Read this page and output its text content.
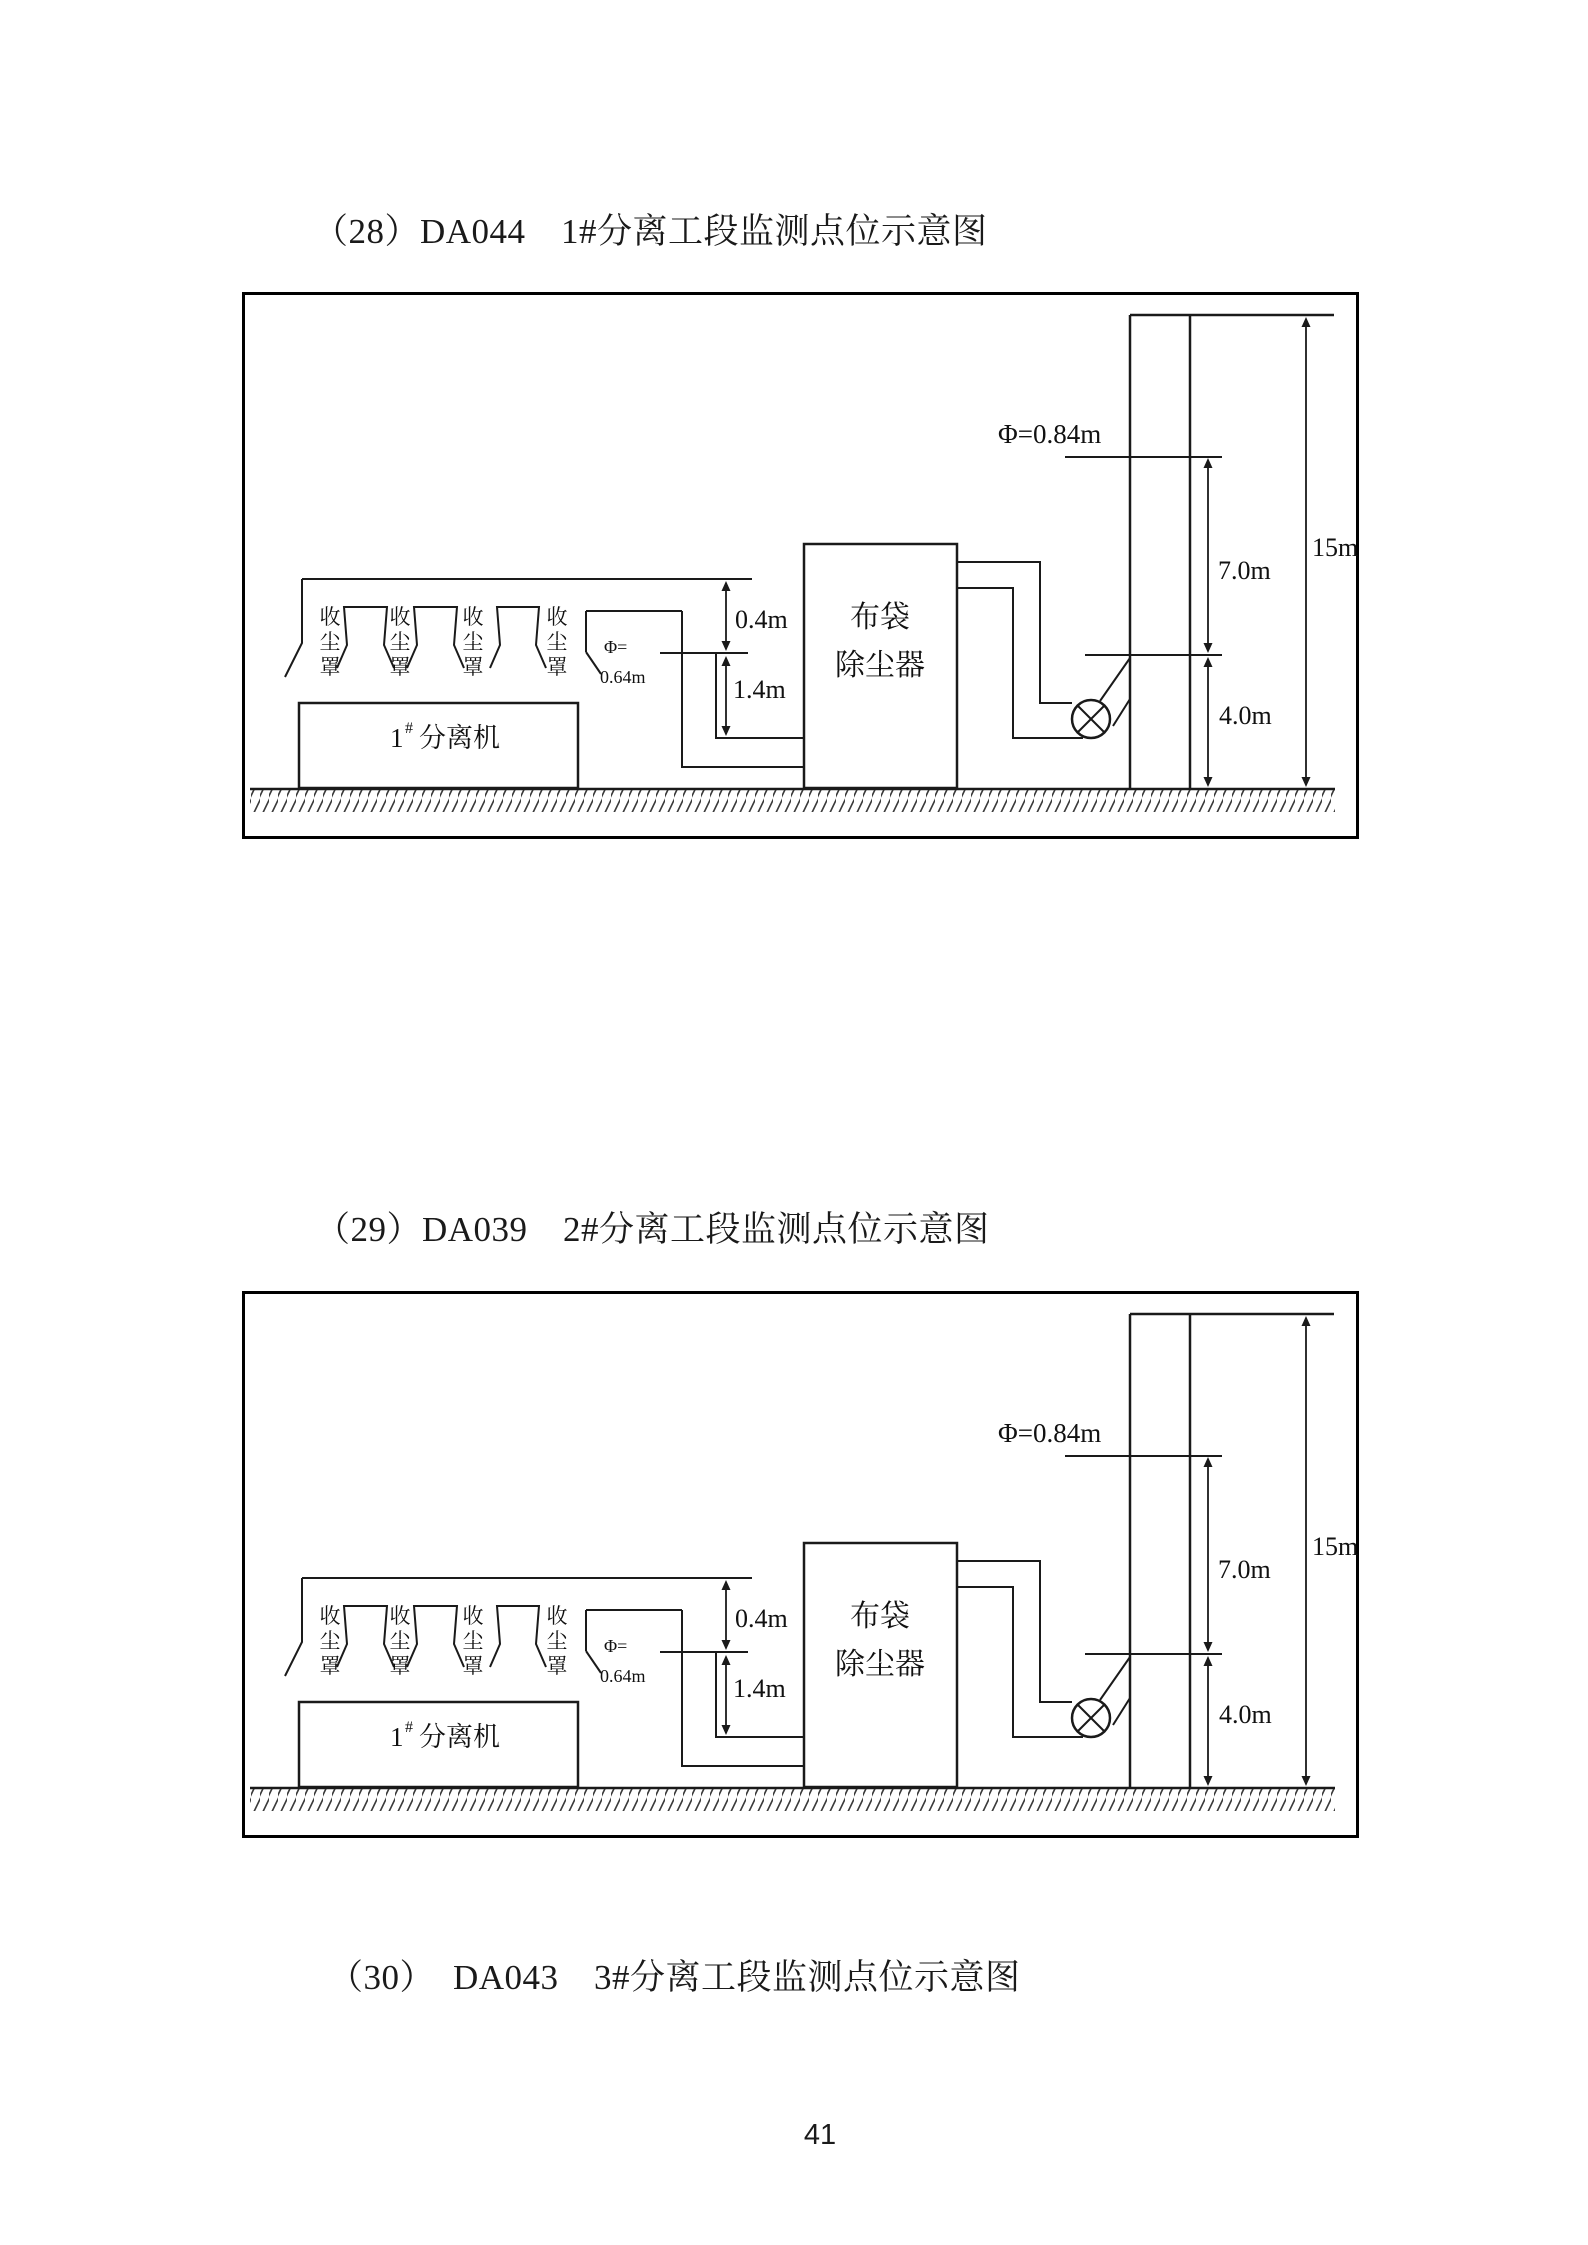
（28）DA044　1#分离工段监测点位示意图
1 # 分离机
收
尘
罩
收
尘
罩
收
尘
罩
收
尘
罩
Φ=
0.64m
0.4m
1.4m
布袋
除尘器
Φ=0.84m
7.0m
4.0m
15m
（29）DA039　2#分离工段监测点位示意图
1 # 分离机
收
尘
罩
收
尘
罩
收
尘
罩
收
尘
罩
Φ=
0.64m
0.4m
1.4m
布袋
除尘器
Φ=0.84m
7.0m
4.0m
15m
（30）　DA043　3#分离工段监测点位示意图
41
